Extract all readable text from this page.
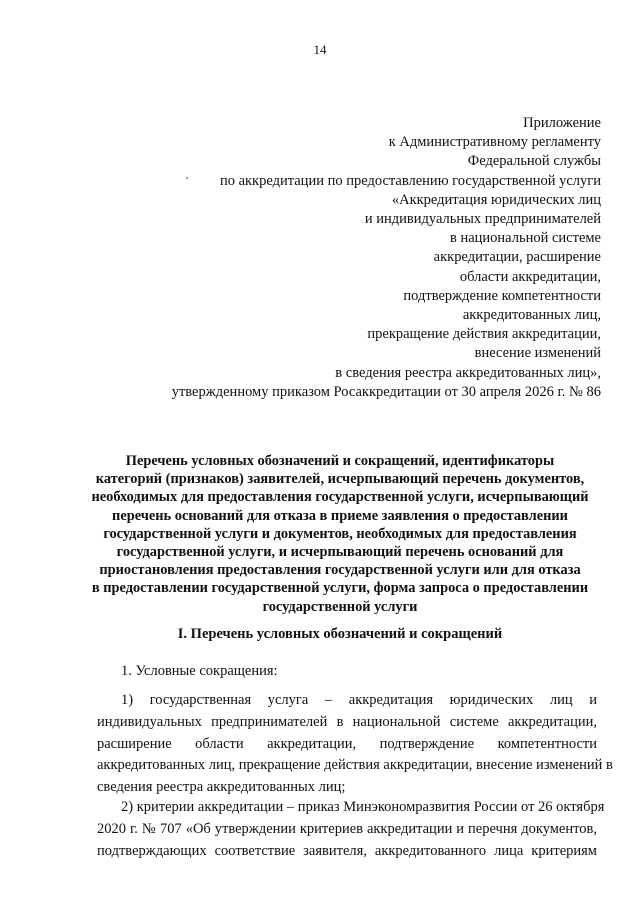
14
Приложение
к Административному регламенту
Федеральной службы
по аккредитации по предоставлению государственной услуги
«Аккредитация юридических лиц
и индивидуальных предпринимателей
в национальной системе
аккредитации, расширение
области аккредитации,
подтверждение компетентности
аккредитованных лиц,
прекращение действия аккредитации,
внесение изменений
в сведения реестра аккредитованных лиц»,
утвержденному приказом Росаккредитации от 30 апреля 2026 г. № 86
Перечень условных обозначений и сокращений, идентификаторы
категорий (признаков) заявителей, исчерпывающий перечень документов,
необходимых для предоставления государственной услуги, исчерпывающий
перечень оснований для отказа в приеме заявления о предоставлении
государственной услуги и документов, необходимых для предоставления
государственной услуги, и исчерпывающий перечень оснований для
приостановления предоставления государственной услуги или для отказа
в предоставлении государственной услуги, форма запроса о предоставлении
государственной услуги
I. Перечень условных обозначений и сокращений
1. Условные сокращения:
1) государственная услуга – аккредитация юридических лиц и
индивидуальных предпринимателей в национальной системе аккредитации,
расширение области аккредитации, подтверждение компетентности
аккредитованных лиц, прекращение действия аккредитации, внесение изменений в
сведения реестра аккредитованных лиц;
2) критерии аккредитации – приказ Минэкономразвития России от 26 октября
2020 г. № 707 «Об утверждении критериев аккредитации и перечня документов,
подтверждающих соответствие заявителя, аккредитованного лица критериям
